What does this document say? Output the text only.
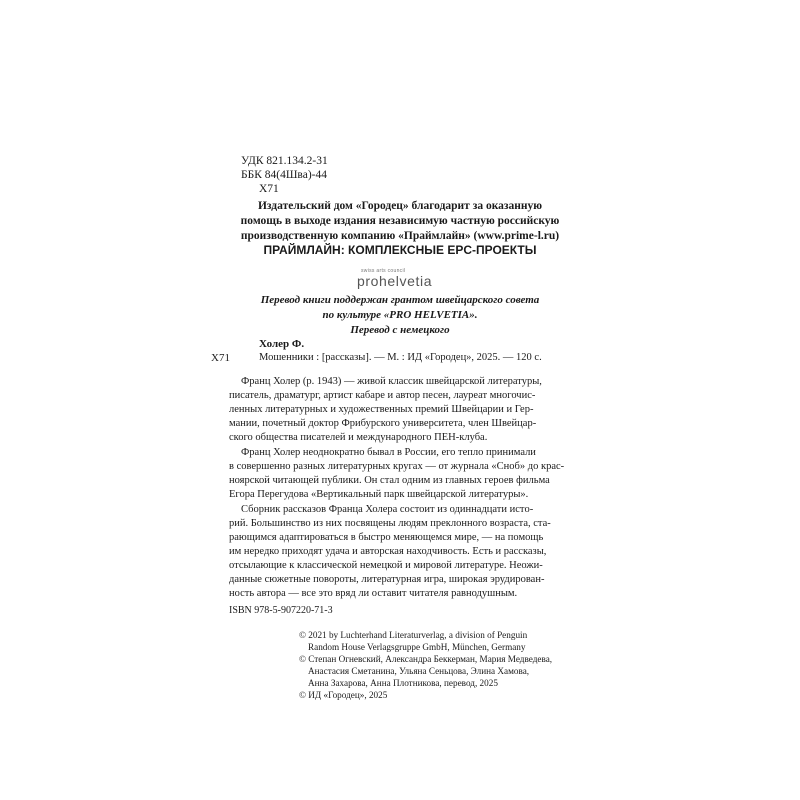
УДК 821.134.2-31
ББК 84(4Шва)-44
Х71
Издательский дом «Городец» благодарит за оказанную
помощь в выходе издания независимую частную российскую
производственную компанию «Праймлайн» (www.prime-l.ru)
ПРАЙМЛАЙН: КОМПЛЕКСНЫЕ EPC-ПРОЕКТЫ
swiss arts council
prohelvetia
Перевод книги поддержан грантом швейцарского совета
по культуре «PRO HELVETIA».
Перевод с немецкого
Холер Ф.
Х71	Мошенники : [рассказы]. — М. : ИД «Городец», 2025. — 120 с.
Франц Холер (р. 1943) — живой классик швейцарской литературы,
писатель, драматург, артист кабаре и автор песен, лауреат многочис-
ленных литературных и художественных премий Швейцарии и Гер-
мании, почетный доктор Фрибурского университета, член Швейцар-
ского общества писателей и международного ПЕН-клуба.
Франц Холер неоднократно бывал в России, его тепло принимали
в совершенно разных литературных кругах — от журнала «Сноб» до крас-
ноярской читающей публики. Он стал одним из главных героев фильма
Егора Перегудова «Вертикальный парк швейцарской литературы».
Сборник рассказов Франца Холера состоит из одиннадцати истo-
рий. Большинство из них посвящены людям преклонного возраста, ста-
рающимся адаптироваться в быстро меняющемся мире, — на помощь
им нередко приходят удача и авторская находчивость. Есть и рассказы,
отсылающие к классической немецкой и мировой литературе. Неожи-
данные сюжетные повороты, литературная игра, широкая эрудирован-
ность автора — все это вряд ли оставит читателя равнодушным.
ISBN 978-5-907220-71-3
© 2021 by Luchterhand Literaturverlag, a division of Penguin
Random House Verlagsgruppe GmbH, München, Germany
© Степан Огневский, Александра Беккерман, Мария Медведева,
Анастасия Сметанина, Ульяна Сеньцова, Элина Хамова,
Анна Захарова, Анна Плотникова, перевод, 2025
© ИД «Городец», 2025
